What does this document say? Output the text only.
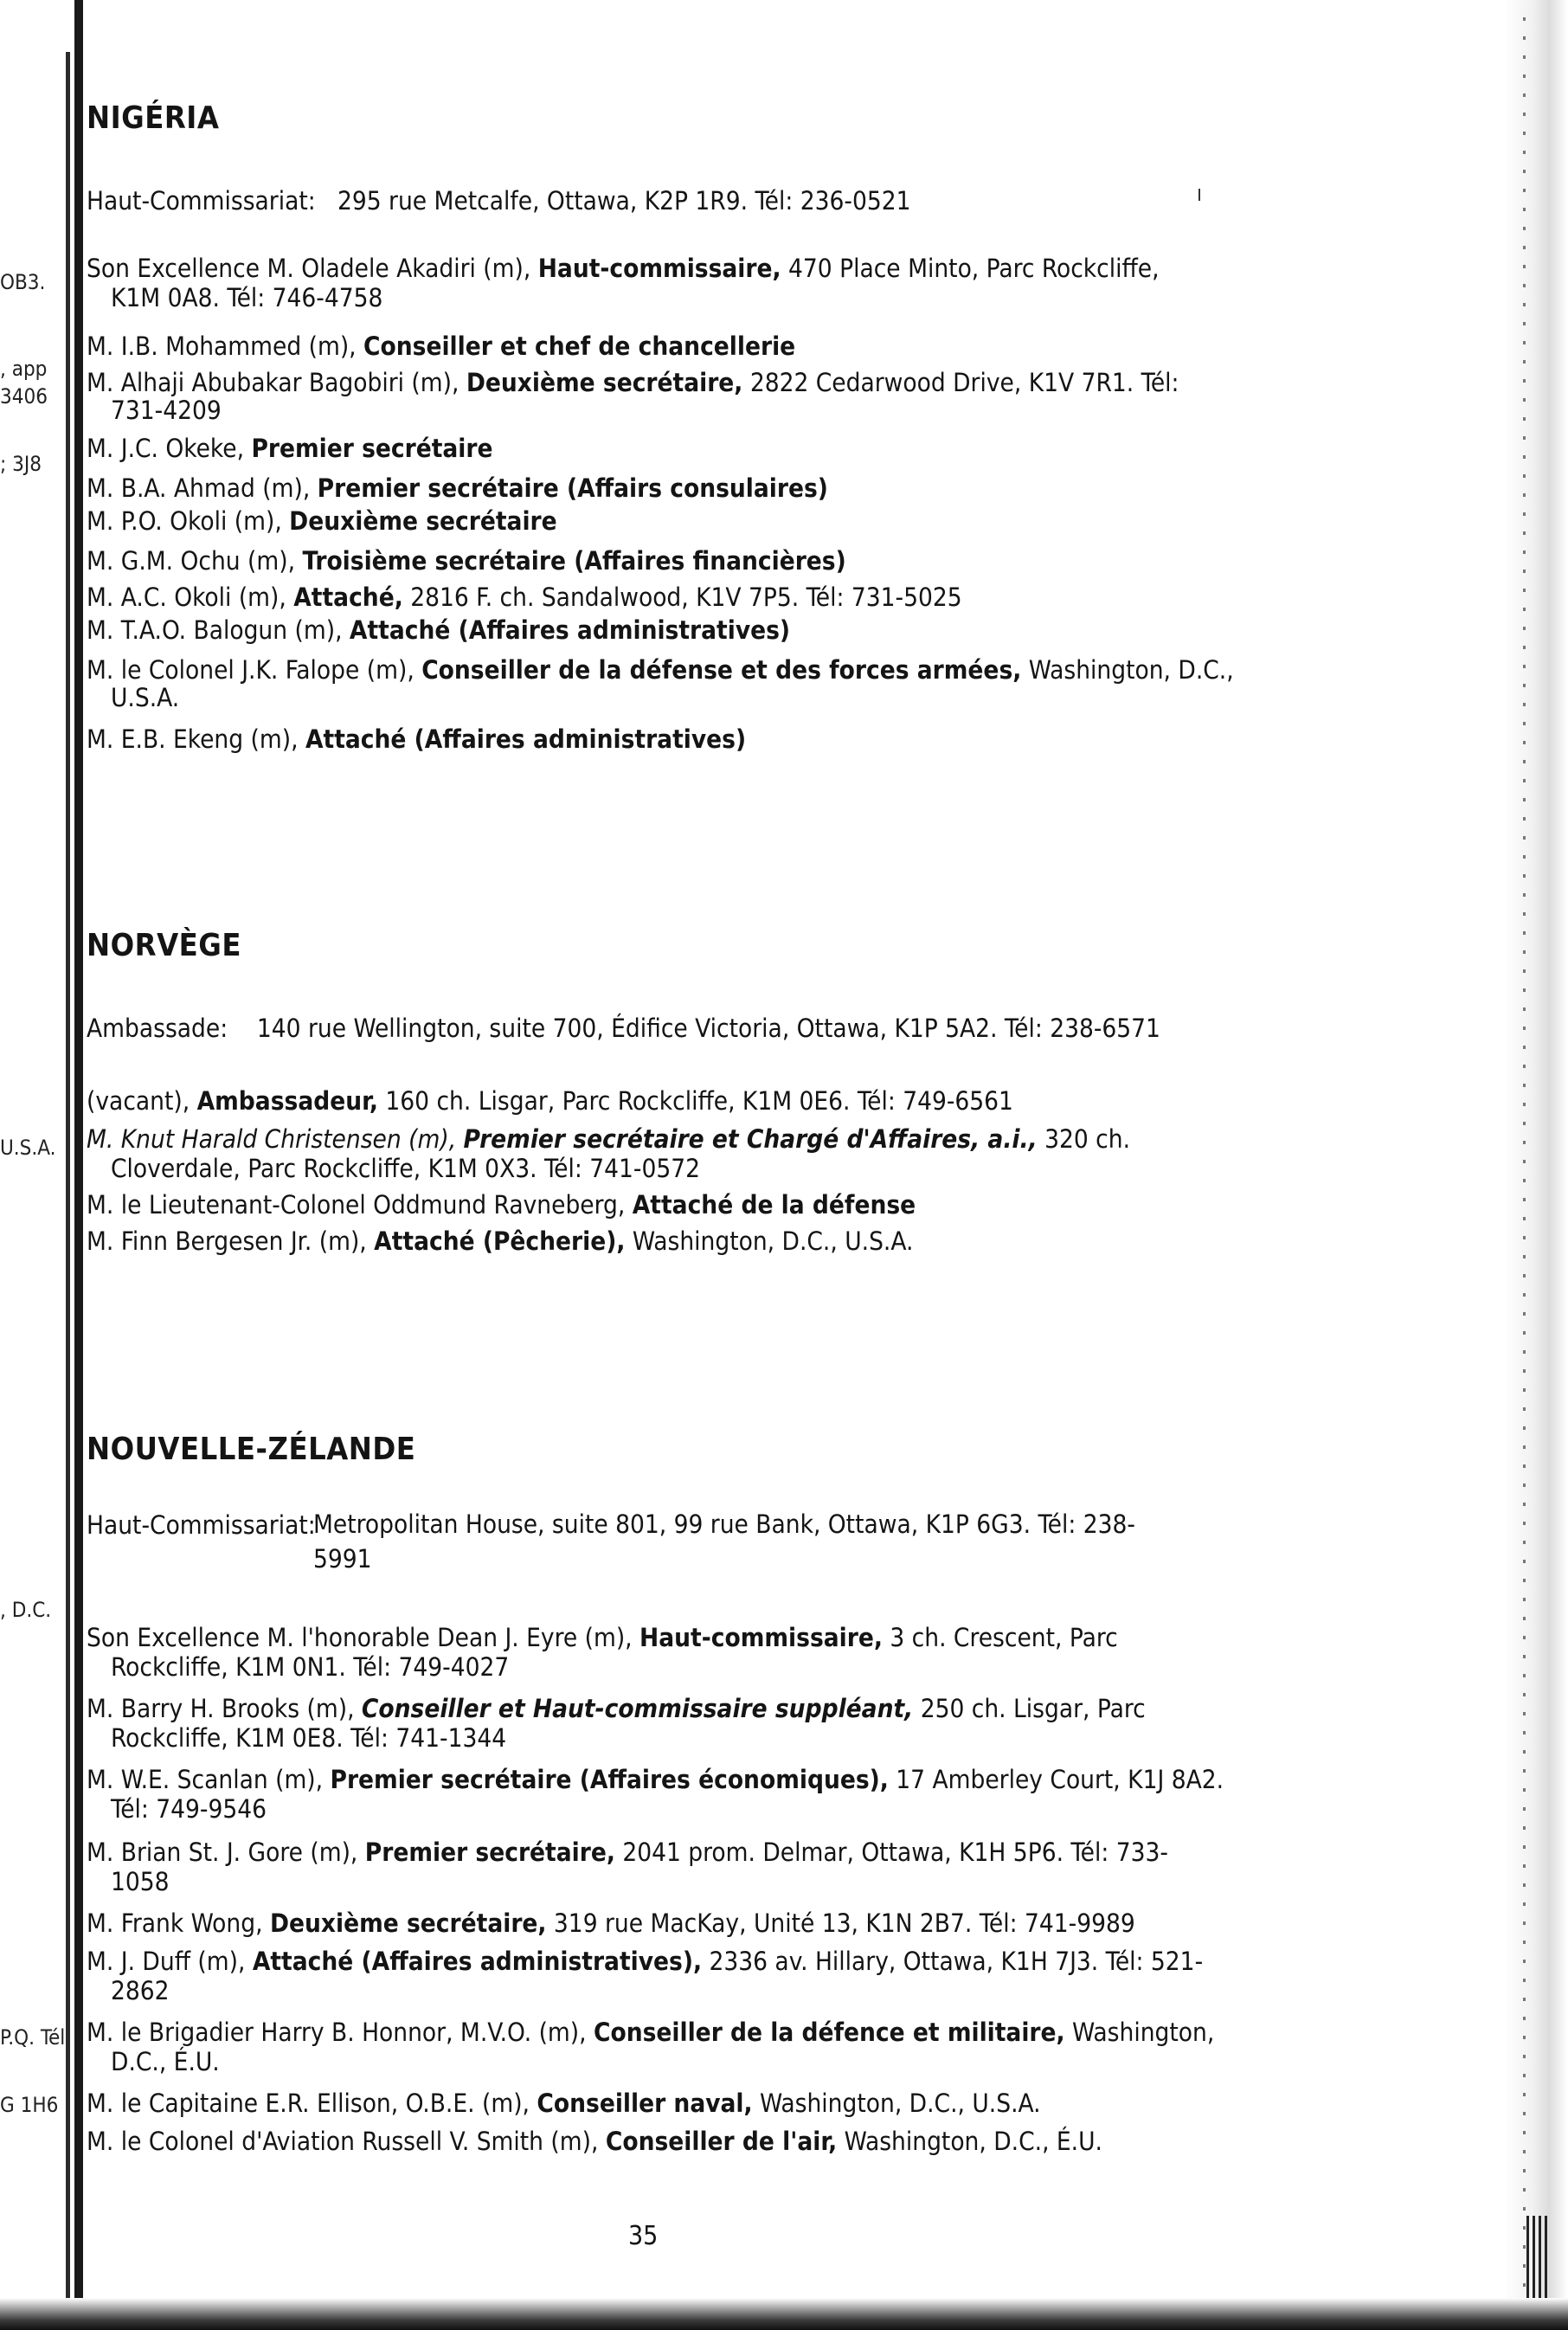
OB3.
, app
3406
; 3J8
U.S.A.
, D.C.
P.Q. Tél
G 1H6
NIGÉRIA
Haut-Commissariat: 295 rue Metcalfe, Ottawa, K2P 1R9. Tél: 236-0521
Son Excellence M. Oladele Akadiri (m), Haut-commissaire, 470 Place Minto, Parc Rockcliffe,
K1M 0A8. Tél: 746-4758
M. I.B. Mohammed (m), Conseiller et chef de chancellerie
M. Alhaji Abubakar Bagobiri (m), Deuxième secrétaire, 2822 Cedarwood Drive, K1V 7R1. Tél:
731-4209
M. J.C. Okeke, Premier secrétaire
M. B.A. Ahmad (m), Premier secrétaire (Affairs consulaires)
M. P.O. Okoli (m), Deuxième secrétaire
M. G.M. Ochu (m), Troisième secrétaire (Affaires financières)
M. A.C. Okoli (m), Attaché, 2816 F. ch. Sandalwood, K1V 7P5. Tél: 731-5025
M. T.A.O. Balogun (m), Attaché (Affaires administratives)
M. le Colonel J.K. Falope (m), Conseiller de la défense et des forces armées, Washington, D.C.,
U.S.A.
M. E.B. Ekeng (m), Attaché (Affaires administratives)
NORVÈGE
Ambassade: 140 rue Wellington, suite 700, Édifice Victoria, Ottawa, K1P 5A2. Tél: 238-6571
(vacant), Ambassadeur, 160 ch. Lisgar, Parc Rockcliffe, K1M 0E6. Tél: 749-6561
M. Knut Harald Christensen (m), Premier secrétaire et Chargé d'Affaires, a.i., 320 ch.
Cloverdale, Parc Rockcliffe, K1M 0X3. Tél: 741-0572
M. le Lieutenant-Colonel Oddmund Ravneberg, Attaché de la défense
M. Finn Bergesen Jr. (m), Attaché (Pêcherie), Washington, D.C., U.S.A.
NOUVELLE-ZÉLANDE
Haut-Commissariat:
Metropolitan House, suite 801, 99 rue Bank, Ottawa, K1P 6G3. Tél: 238-
5991
Son Excellence M. l'honorable Dean J. Eyre (m), Haut-commissaire, 3 ch. Crescent, Parc
Rockcliffe, K1M 0N1. Tél: 749-4027
M. Barry H. Brooks (m), Conseiller et Haut-commissaire suppléant, 250 ch. Lisgar, Parc
Rockcliffe, K1M 0E8. Tél: 741-1344
M. W.E. Scanlan (m), Premier secrétaire (Affaires économiques), 17 Amberley Court, K1J 8A2.
Tél: 749-9546
M. Brian St. J. Gore (m), Premier secrétaire, 2041 prom. Delmar, Ottawa, K1H 5P6. Tél: 733-
1058
M. Frank Wong, Deuxième secrétaire, 319 rue MacKay, Unité 13, K1N 2B7. Tél: 741-9989
M. J. Duff (m), Attaché (Affaires administratives), 2336 av. Hillary, Ottawa, K1H 7J3. Tél: 521-
2862
M. le Brigadier Harry B. Honnor, M.V.O. (m), Conseiller de la défence et militaire, Washington,
D.C., É.U.
M. le Capitaine E.R. Ellison, O.B.E. (m), Conseiller naval, Washington, D.C., U.S.A.
M. le Colonel d'Aviation Russell V. Smith (m), Conseiller de l'air, Washington, D.C., É.U.
35
